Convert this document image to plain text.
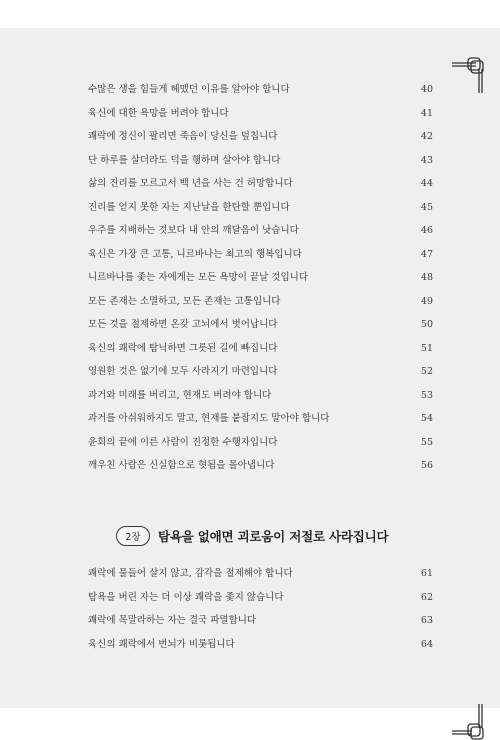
수많은 생을 힘들게 헤맸던 이유를 알아야 합니다	40
육신에 대한 욕망을 버려야 합니다	41
쾌락에 정신이 팔리면 죽음이 당신을 덮칩니다	42
단 하루를 살더라도 덕을 행하며 살아야 합니다	43
삶의 진리를 모르고서 백 년을 사는 건 허망합니다	44
진리를 얻지 못한 자는 지난날을 한탄할 뿐입니다	45
우주를 지배하는 것보다 내 안의 깨달음이 낫습니다	46
육신은 가장 큰 고통, 니르바나는 최고의 행복입니다	47
니르바나를 좇는 자에게는 모든 욕망이 끝날 것입니다	48
모든 존재는 소멸하고, 모든 존재는 고통입니다	49
모든 것을 절제하면 온갖 고뇌에서 벗어납니다	50
육신의 쾌락에 탐닉하면 그릇된 길에 빠집니다	51
영원한 것은 없기에 모두 사라지기 마련입니다	52
과거와 미래를 버리고, 현재도 버려야 합니다	53
과거를 아쉬워하지도 말고, 현재를 붙잡지도 말아야 합니다	54
윤회의 끝에 이른 사람이 진정한 수행자입니다	55
깨우친 사람은 신실함으로 혓됨을 몰아냅니다	56
2장	탐욕을 없애면 괴로움이 저절로 사라집니다
쾌락에 물들어 살지 않고, 감각을 절제해야 합니다	61
탐욕을 버린 자는 더 이상 쾌락을 좇지 않습니다	62
쾌락에 목말라하는 자는 결국 파멸합니다	63
육신의 쾌락에서 번뇌가 비롯됩니다	64
